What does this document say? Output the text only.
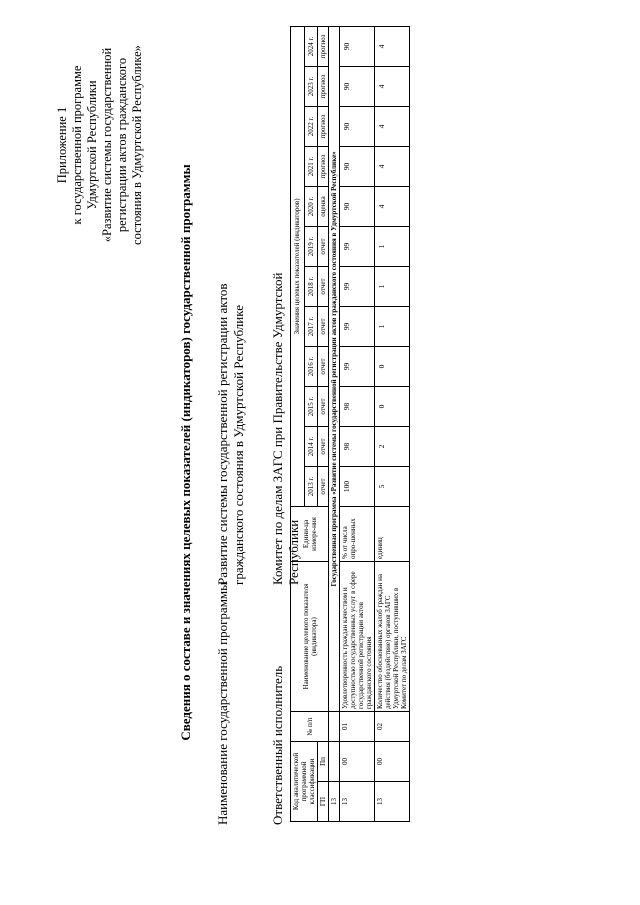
Приложение 1 к государственной программе Удмуртской Республики «Развитие системы государственной регистрации актов гражданского состояния в Удмуртской Республике»
Сведения о составе и значениях целевых показателей (индикаторов) государственной программы Наименование государственной программы
Развитие системы государственной регистрации актов гражданского состояния в Удмуртской Республике
Ответственный исполнитель
Комитет по делам ЗАГС при Правительстве Удмуртской Республики
Код аналитической программной классификации		№ п/п	Наименование целевого показателя (индикатора)	Едини-ца измере-ния	Значения целевых показателей (индикаторов)											
					2013 г.	2014 г.	2015 г.	2016 г.	2017 г.	2018 г.	2019 г.	2020 г.	2021 г.	2022 г.	2023 г.	2024 г.
ГП	Пп				отчет	отчет	отчет	отчет	отчет	отчет	отчет	оценка	прогноз	прогноз	прогноз	прогноз
13			Государственная программа «Развитие системы государственной регистрации актов гражданского состояния в Удмуртской Республике»													
13	00	01	Удовлетворенность граждан качеством и доступностью государственных услуг в сфере государственной регистрации актов гражданского состояния	% от числа опро-шенных	100	98	98	99	99	99	99	90	90	90	90	90
13	00	02	Количество обоснованных жалоб граждан на действия (бездействие) органов ЗАГС Удмуртской Республики, поступивших в Комитет по делам ЗАГС	единиц	5	2	0	0	1	1	1	4	4	4	4	4
